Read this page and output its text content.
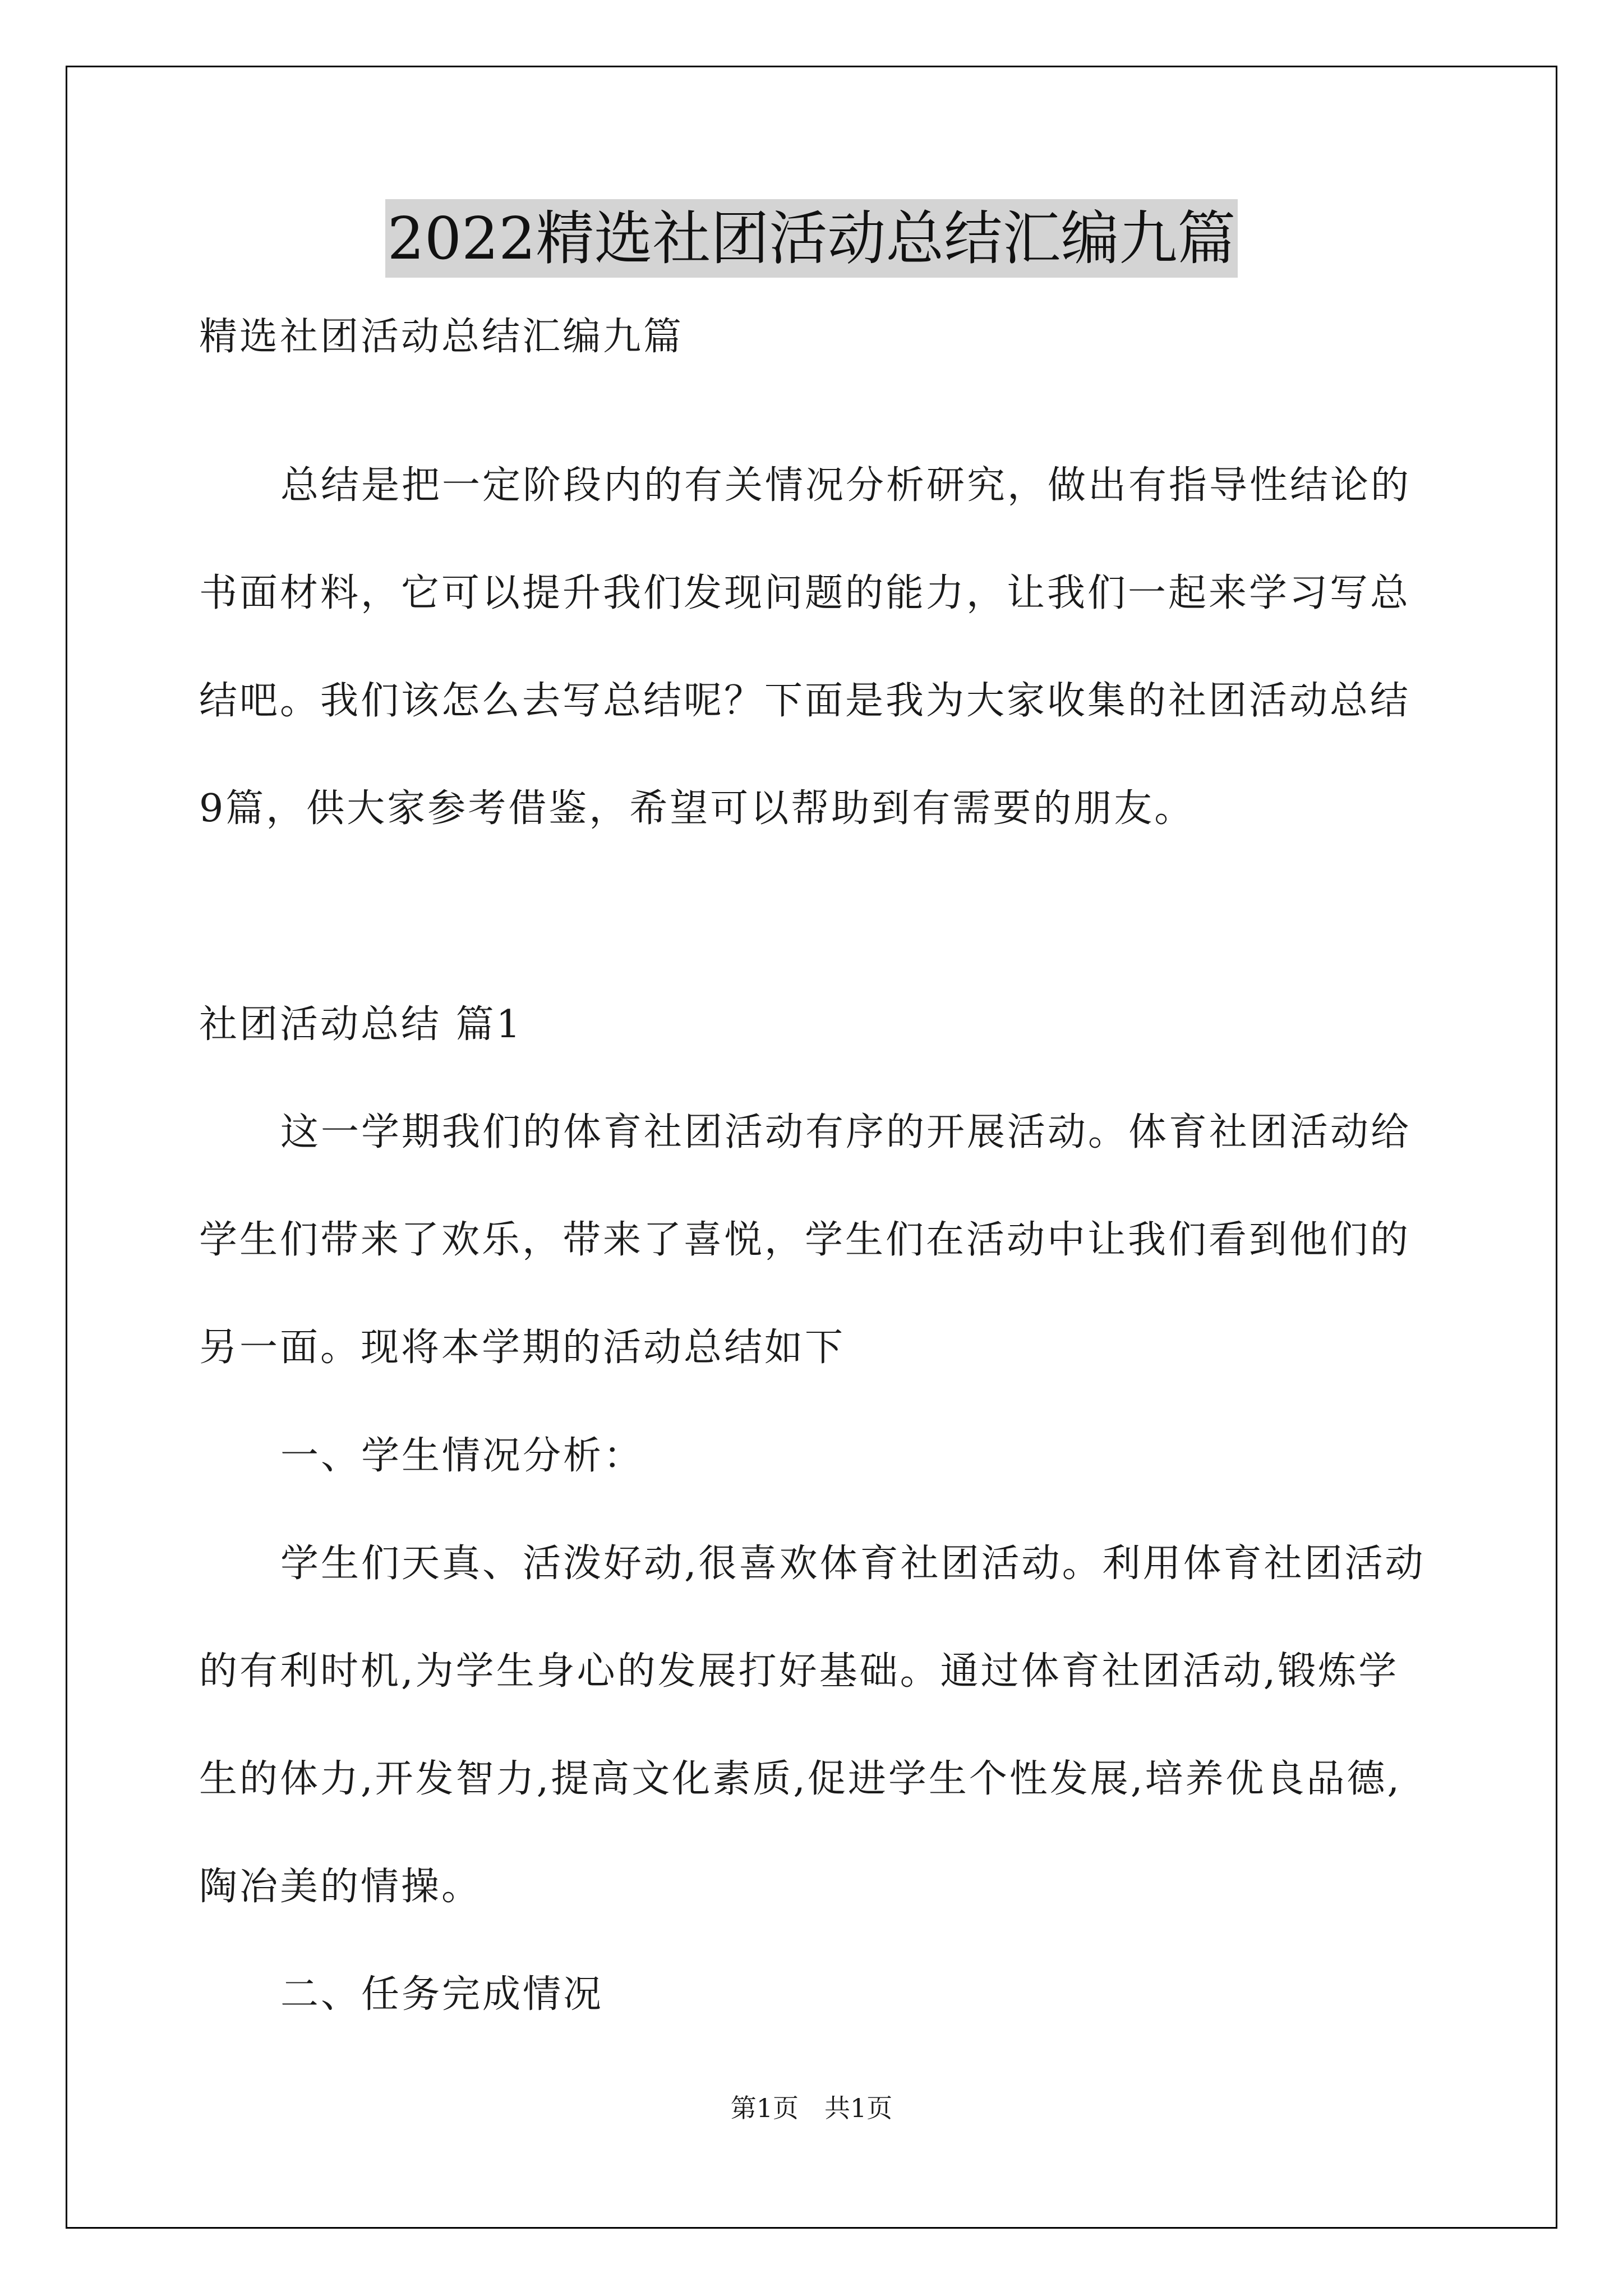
2022精选社团活动总结汇编九篇
精选社团活动总结汇编九篇
总结是把一定阶段内的有关情况分析研究，做出有指导性结论的
书面材料，它可以提升我们发现问题的能力，让我们一起来学习写总
结吧。我们该怎么去写总结呢？下面是我为大家收集的社团活动总结
9篇，供大家参考借鉴，希望可以帮助到有需要的朋友。
社团活动总结 篇1
这一学期我们的体育社团活动有序的开展活动。体育社团活动给
学生们带来了欢乐，带来了喜悦，学生们在活动中让我们看到他们的
另一面。现将本学期的活动总结如下
一、学生情况分析：
学生们天真、活泼好动,很喜欢体育社团活动。利用体育社团活动
的有利时机,为学生身心的发展打好基础。通过体育社团活动,锻炼学
生的体力,开发智力,提高文化素质,促进学生个性发展,培养优良品德,
陶冶美的情操。
二、任务完成情况
第1页　共1页
